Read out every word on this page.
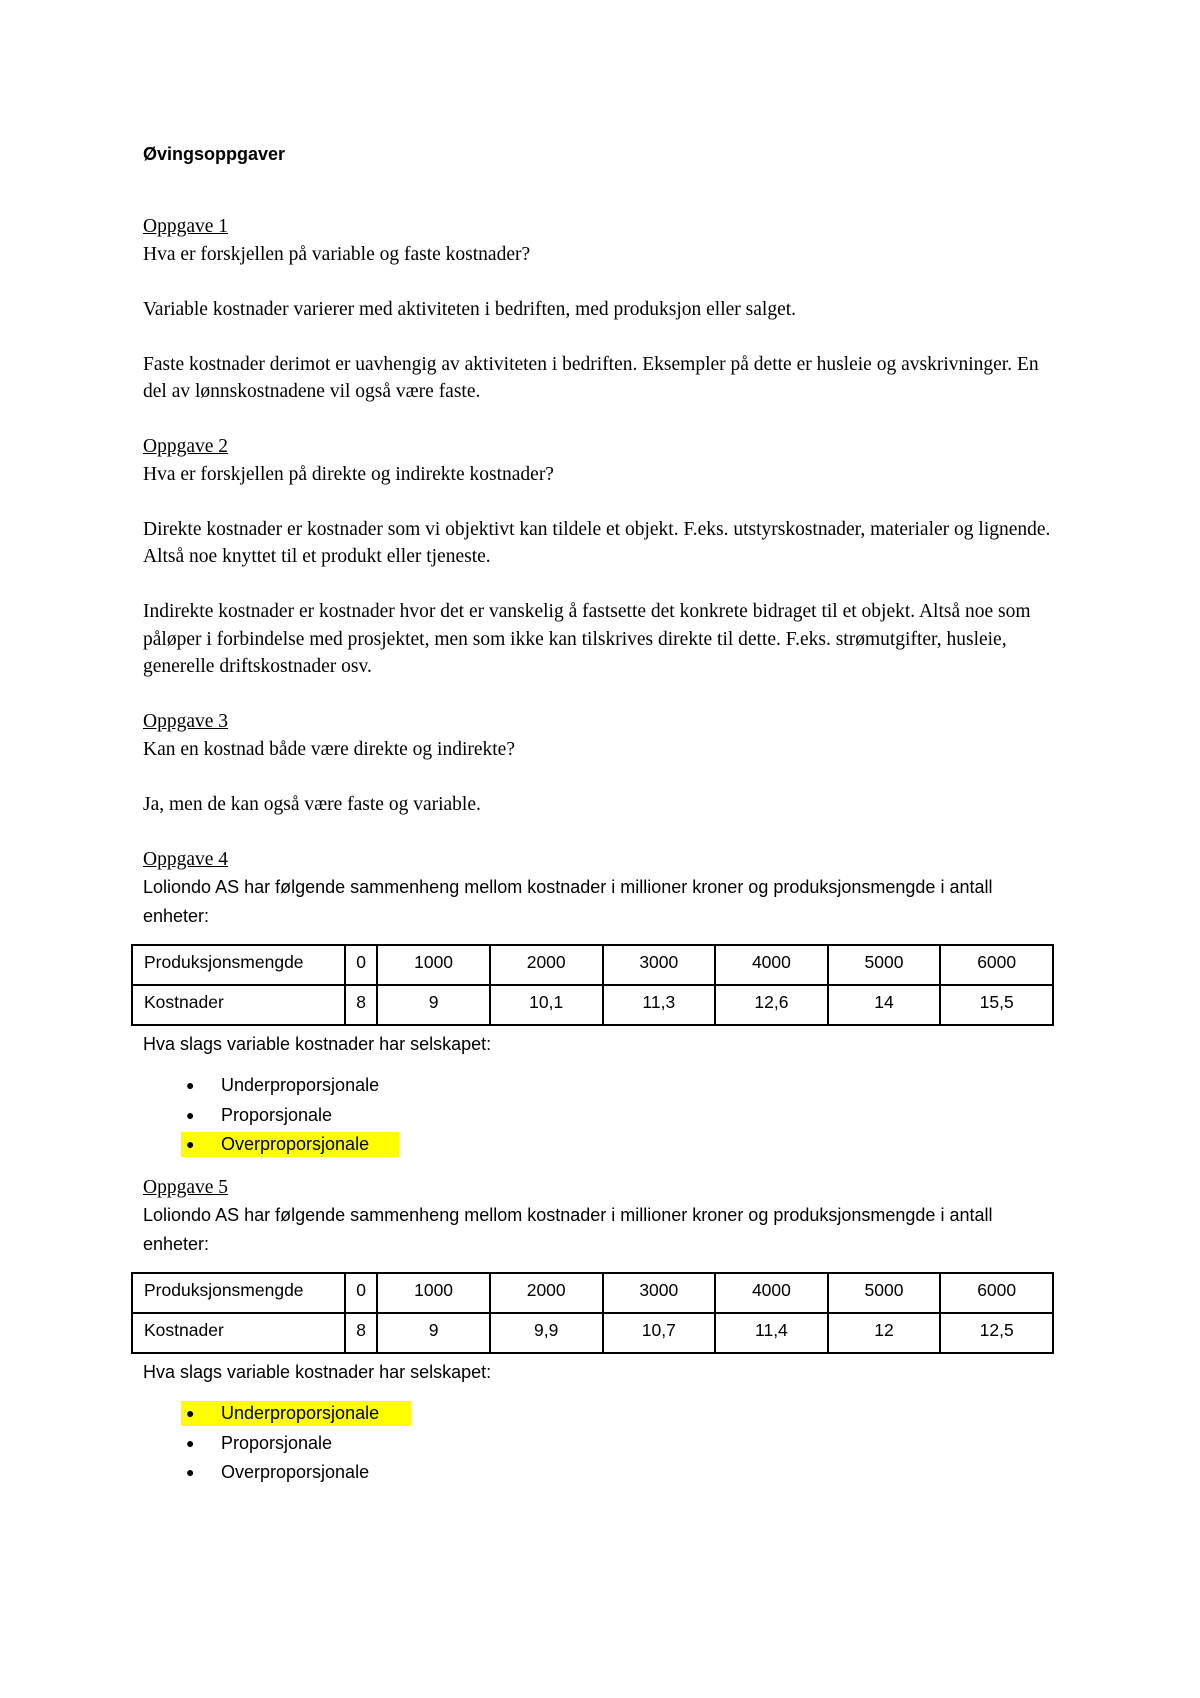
Øvingsoppgaver
Oppgave 1
Hva er forskjellen på variable og faste kostnader?
Variable kostnader varierer med aktiviteten i bedriften, med produksjon eller salget.
Faste kostnader derimot er uavhengig av aktiviteten i bedriften. Eksempler på dette er husleie og avskrivninger. En del av lønnskostnadene vil også være faste.
Oppgave 2
Hva er forskjellen på direkte og indirekte kostnader?
Direkte kostnader er kostnader som vi objektivt kan tildele et objekt. F.eks. utstyrskostnader, materialer og lignende. Altså noe knyttet til et produkt eller tjeneste.
Indirekte kostnader er kostnader hvor det er vanskelig å fastsette det konkrete bidraget til et objekt. Altså noe som påløper i forbindelse med prosjektet, men som ikke kan tilskrives direkte til dette. F.eks. strømutgifter, husleie, generelle driftskostnader osv.
Oppgave 3
Kan en kostnad både være direkte og indirekte?
Ja, men de kan også være faste og variable.
Oppgave 4
Loliondo AS har følgende sammenheng mellom kostnader i millioner kroner og produksjonsmengde i antall enheter:
Produksjonsmengde	0	1000	2000	3000	4000	5000	6000
Kostnader	8	9	10,1	11,3	12,6	14	15,5
Hva slags variable kostnader har selskapet:
● Underproporsjonale
● Proporsjonale
● Overproporsjonale
Oppgave 5
Loliondo AS har følgende sammenheng mellom kostnader i millioner kroner og produksjonsmengde i antall enheter:
Produksjonsmengde	0	1000	2000	3000	4000	5000	6000
Kostnader	8	9	9,9	10,7	11,4	12	12,5
Hva slags variable kostnader har selskapet:
● Underproporsjonale
● Proporsjonale
● Overproporsjonale
